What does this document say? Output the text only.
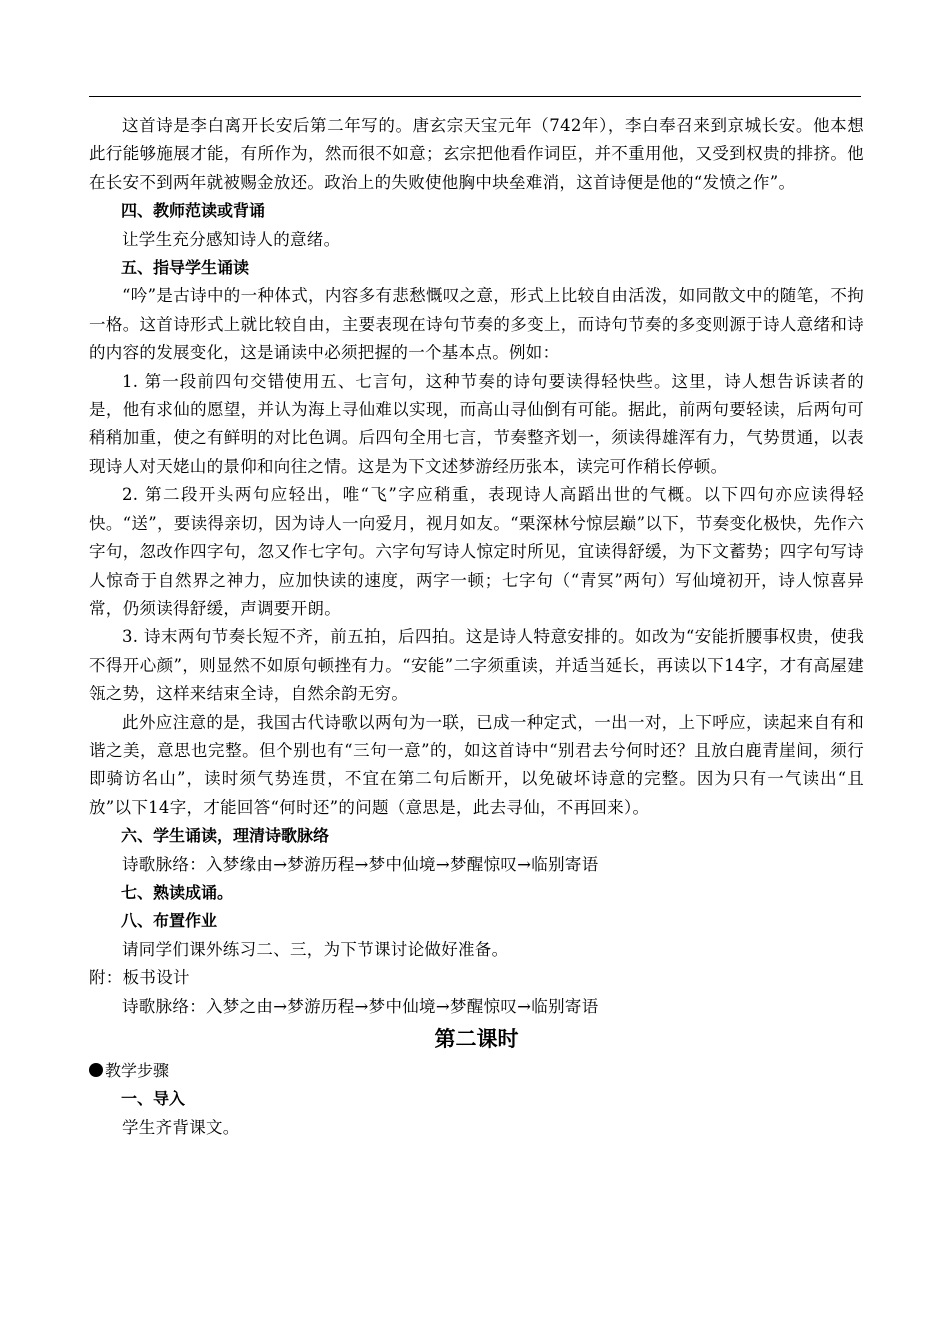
这首诗是李白离开长安后第二年写的。唐玄宗天宝元年（742年），李白奉召来到京城长安。他本想此行能够施展才能，有所作为，然而很不如意；玄宗把他看作词臣，并不重用他，又受到权贵的排挤。他在长安不到两年就被赐金放还。政治上的失败使他胸中块垒难消，这首诗便是他的“发愤之作”。

四、教师范读或背诵

让学生充分感知诗人的意绪。

五、指导学生诵读

“吟”是古诗中的一种体式，内容多有悲愁慨叹之意，形式上比较自由活泼，如同散文中的随笔，不拘一格。这首诗形式上就比较自由，主要表现在诗句节奏的多变上，而诗句节奏的多变则源于诗人意绪和诗的内容的发展变化，这是诵读中必须把握的一个基本点。例如：

1. 第一段前四句交错使用五、七言句，这种节奏的诗句要读得轻快些。这里，诗人想告诉读者的是，他有求仙的愿望，并认为海上寻仙难以实现，而高山寻仙倒有可能。据此，前两句要轻读，后两句可稍稍加重，使之有鲜明的对比色调。后四句全用七言，节奏整齐划一，须读得雄浑有力，气势贯通，以表现诗人对天姥山的景仰和向往之情。这是为下文述梦游经历张本，读完可作稍长停顿。

2. 第二段开头两句应轻出，唯“飞”字应稍重，表现诗人高蹈出世的气概。以下四句亦应读得轻快。“送”，要读得亲切，因为诗人一向爱月，视月如友。“栗深林兮惊层巅”以下，节奏变化极快，先作六字句，忽改作四字句，忽又作七字句。六字句写诗人惊定时所见，宜读得舒缓，为下文蓄势；四字句写诗人惊奇于自然界之神力，应加快读的速度，两字一顿；七字句（“青冥”两句）写仙境初开，诗人惊喜异常，仍须读得舒缓，声调要开朗。

3. 诗末两句节奏长短不齐，前五拍，后四拍。这是诗人特意安排的。如改为“安能折腰事权贵，使我不得开心颜”，则显然不如原句顿挫有力。“安能”二字须重读，并适当延长，再读以下14字，才有高屋建瓴之势，这样来结束全诗，自然余韵无穷。

此外应注意的是，我国古代诗歌以两句为一联，已成一种定式，一出一对，上下呼应，读起来自有和谐之美，意思也完整。但个别也有“三句一意”的，如这首诗中“别君去兮何时还？且放白鹿青崖间，须行即骑访名山”，读时须气势连贯，不宜在第二句后断开，以免破坏诗意的完整。因为只有一气读出“且放”以下14字，才能回答“何时还”的问题（意思是，此去寻仙，不再回来）。

六、学生诵读，理清诗歌脉络

诗歌脉络：入梦缘由→梦游历程→梦中仙境→梦醒惊叹→临别寄语

七、熟读成诵。

八、布置作业

请同学们课外练习二、三，为下节课讨论做好准备。

附：板书设计

诗歌脉络：入梦之由→梦游历程→梦中仙境→梦醒惊叹→临别寄语

第二课时

教学步骤

一、导入

学生齐背课文。
